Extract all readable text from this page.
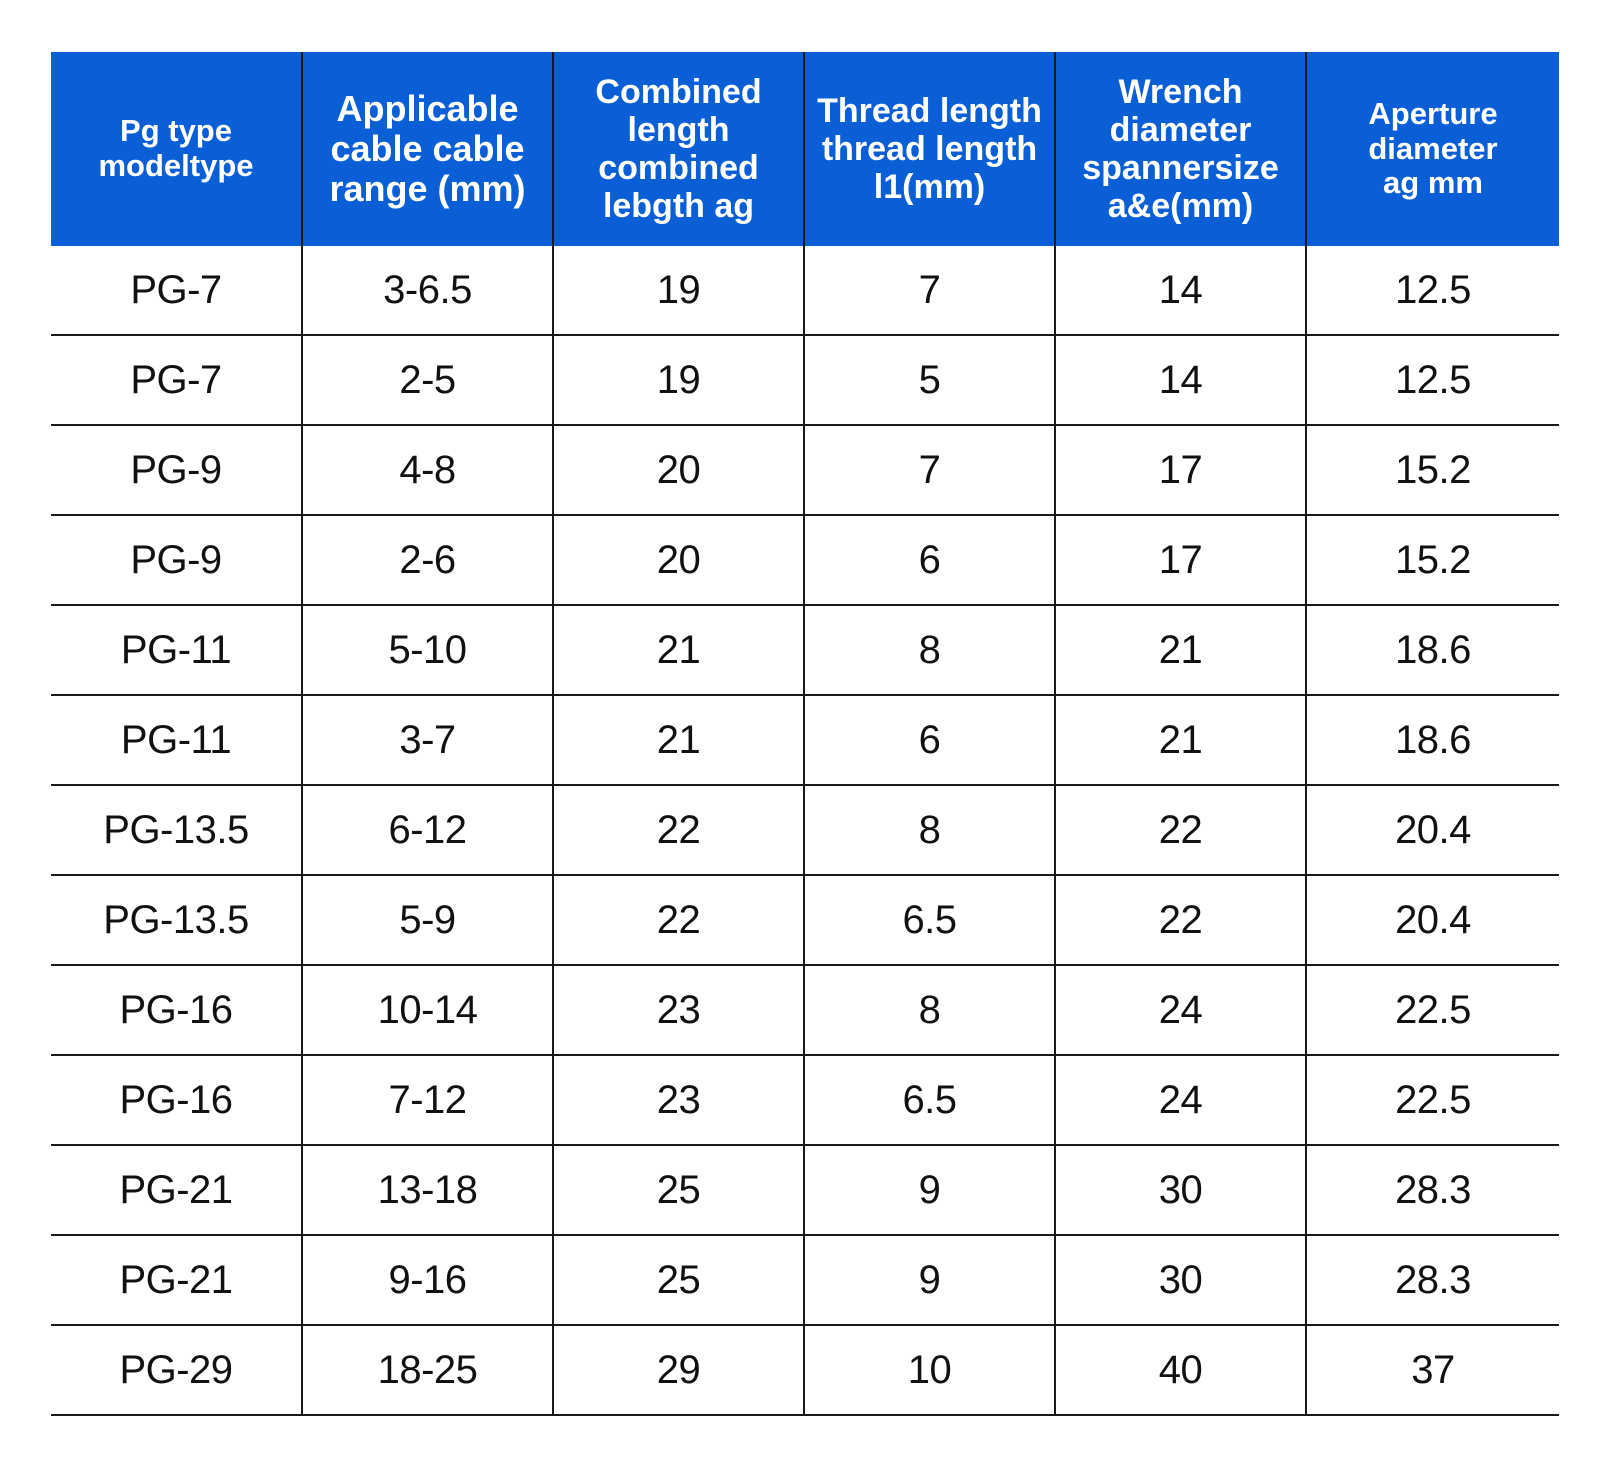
Pg type
modeltype	Applicable
cable cable
range (mm)	Combined
length
combined
lebgth ag	Thread length
thread length
l1(mm)	Wrench
diameter
spannersize
a&e(mm)	Aperture
diameter
ag mm

PG-7	3-6.5	19	7	14	12.5
PG-7	2-5	19	5	14	12.5
PG-9	4-8	20	7	17	15.2
PG-9	2-6	20	6	17	15.2
PG-11	5-10	21	8	21	18.6
PG-11	3-7	21	6	21	18.6
PG-13.5	6-12	22	8	22	20.4
PG-13.5	5-9	22	6.5	22	20.4
PG-16	10-14	23	8	24	22.5
PG-16	7-12	23	6.5	24	22.5
PG-21	13-18	25	9	30	28.3
PG-21	9-16	25	9	30	28.3
PG-29	18-25	29	10	40	37
